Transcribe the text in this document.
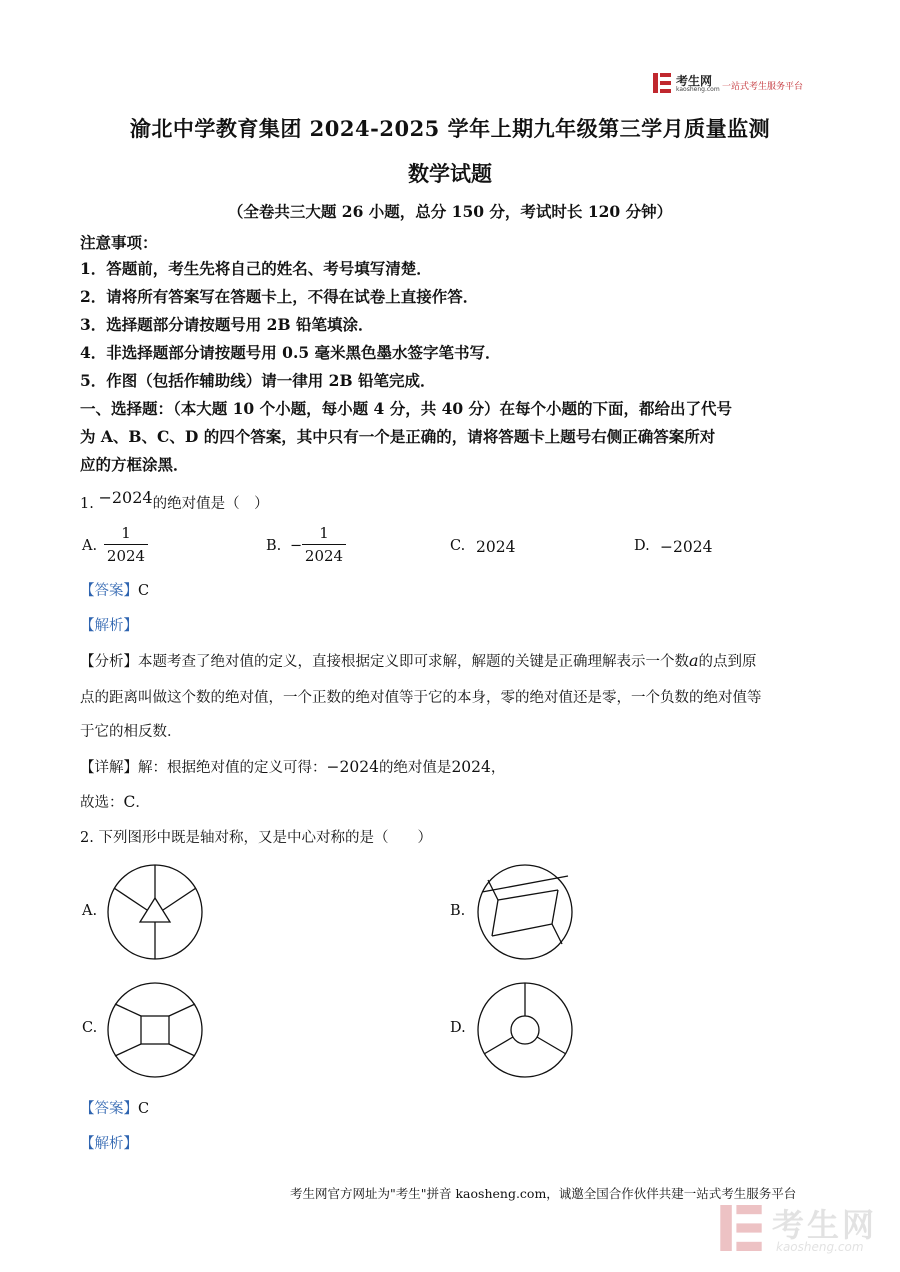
考生网
kaosheng.com 一站式考生服务平台
渝北中学教育集团 2024-2025 学年上期九年级第三学月质量监测
数学试题
（全卷共三大题 26 小题，总分 150 分，考试时长 120 分钟）
注意事项：
1．答题前，考生先将自己的姓名、考号填写清楚．
2．请将所有答案写在答题卡上，不得在试卷上直接作答．
3．选择题部分请按题号用 2B 铅笔填涂．
4．非选择题部分请按题号用 0.5 毫米黑色墨水签字笔书写．
5．作图（包括作辅助线）请一律用 2B 铅笔完成．
一、选择题：（本大题 10 个小题，每小题 4 分，共 40 分）在每个小题的下面，都给出了代号
为 A、B、C、D 的四个答案，其中只有一个是正确的，请将答题卡上题号右侧正确答案所对
应的方框涂黑．
1. −2024的绝对值是（　）
A.
1
2024
B. −
1
2024
C. 2024	D. −2024
【答案】C
【解析】
【分析】本题考查了绝对值的定义，直接根据定义即可求解，解题的关键是正确理解表示一个数a的点到原
点的距离叫做这个数的绝对值，一个正数的绝对值等于它的本身，零的绝对值还是零，一个负数的绝对值等
于它的相反数．
【详解】解：根据绝对值的定义可得：−2024的绝对值是2024，
故选：C．
2. 下列图形中既是轴对称，又是中心对称的是（　　）
A.	B.
C.	D.
【答案】C
【解析】
考生网官方网址为"考生"拼音 kaosheng.com，诚邀全国合作伙伴共建一站式考生服务平台
考生网
kaosheng.com
